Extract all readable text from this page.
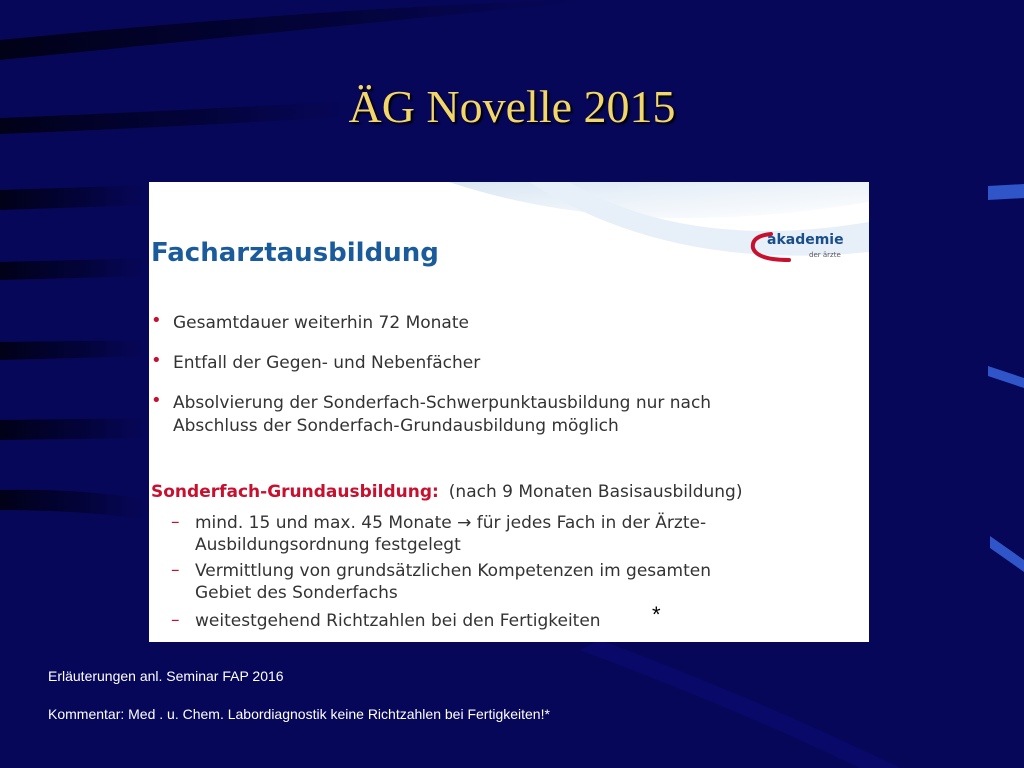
ÄG Novelle 2015
Facharztausbildung	akademie
der ärzte
• Gesamtdauer weiterhin 72 Monate
• Entfall der Gegen- und Nebenfächer
• Absolvierung der Sonderfach-Schwerpunktausbildung nur nach
Abschluss der Sonderfach-Grundausbildung möglich
Sonderfach-Grundausbildung: (nach 9 Monaten Basisausbildung)
– mind. 15 und max. 45 Monate → für jedes Fach in der Ärzte-
Ausbildungsordnung festgelegt
– Vermittlung von grundsätzlichen Kompetenzen im gesamten
Gebiet des Sonderfachs
– weitestgehend Richtzahlen bei den Fertigkeiten *
Erläuterungen anl. Seminar FAP 2016
Kommentar: Med . u. Chem. Labordiagnostik keine Richtzahlen bei Fertigkeiten!*
